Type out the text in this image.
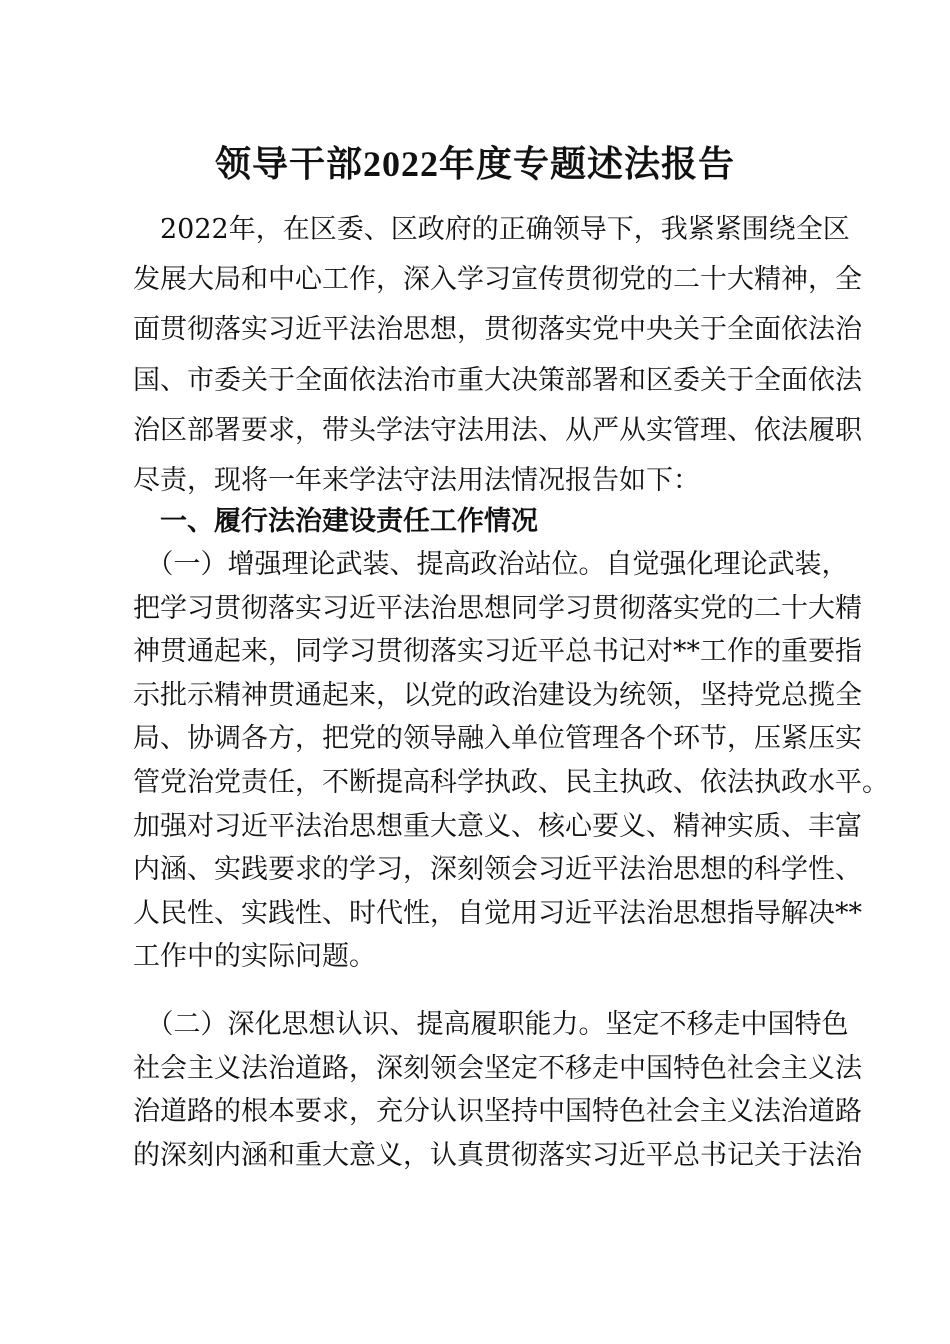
领导干部2022年度专题述法报告
　2022年，在区委、区政府的正确领导下，我紧紧围绕全区
发展大局和中心工作，深入学习宣传贯彻党的二十大精神，全
面贯彻落实习近平法治思想，贯彻落实党中央关于全面依法治
国、市委关于全面依法治市重大决策部署和区委关于全面依法
治区部署要求，带头学法守法用法、从严从实管理、依法履职
尽责，现将一年来学法守法用法情况报告如下：
一、履行法治建设责任工作情况
　（一）增强理论武装、提高政治站位。自觉强化理论武装，
把学习贯彻落实习近平法治思想同学习贯彻落实党的二十大精
神贯通起来，同学习贯彻落实习近平总书记对**工作的重要指
示批示精神贯通起来，以党的政治建设为统领，坚持党总揽全
局、协调各方，把党的领导融入单位管理各个环节，压紧压实
管党治党责任，不断提高科学执政、民主执政、依法执政水平。
加强对习近平法治思想重大意义、核心要义、精神实质、丰富
内涵、实践要求的学习，深刻领会习近平法治思想的科学性、
人民性、实践性、时代性，自觉用习近平法治思想指导解决**
工作中的实际问题。
　（二）深化思想认识、提高履职能力。坚定不移走中国特色
社会主义法治道路，深刻领会坚定不移走中国特色社会主义法
治道路的根本要求，充分认识坚持中国特色社会主义法治道路
的深刻内涵和重大意义，认真贯彻落实习近平总书记关于法治
